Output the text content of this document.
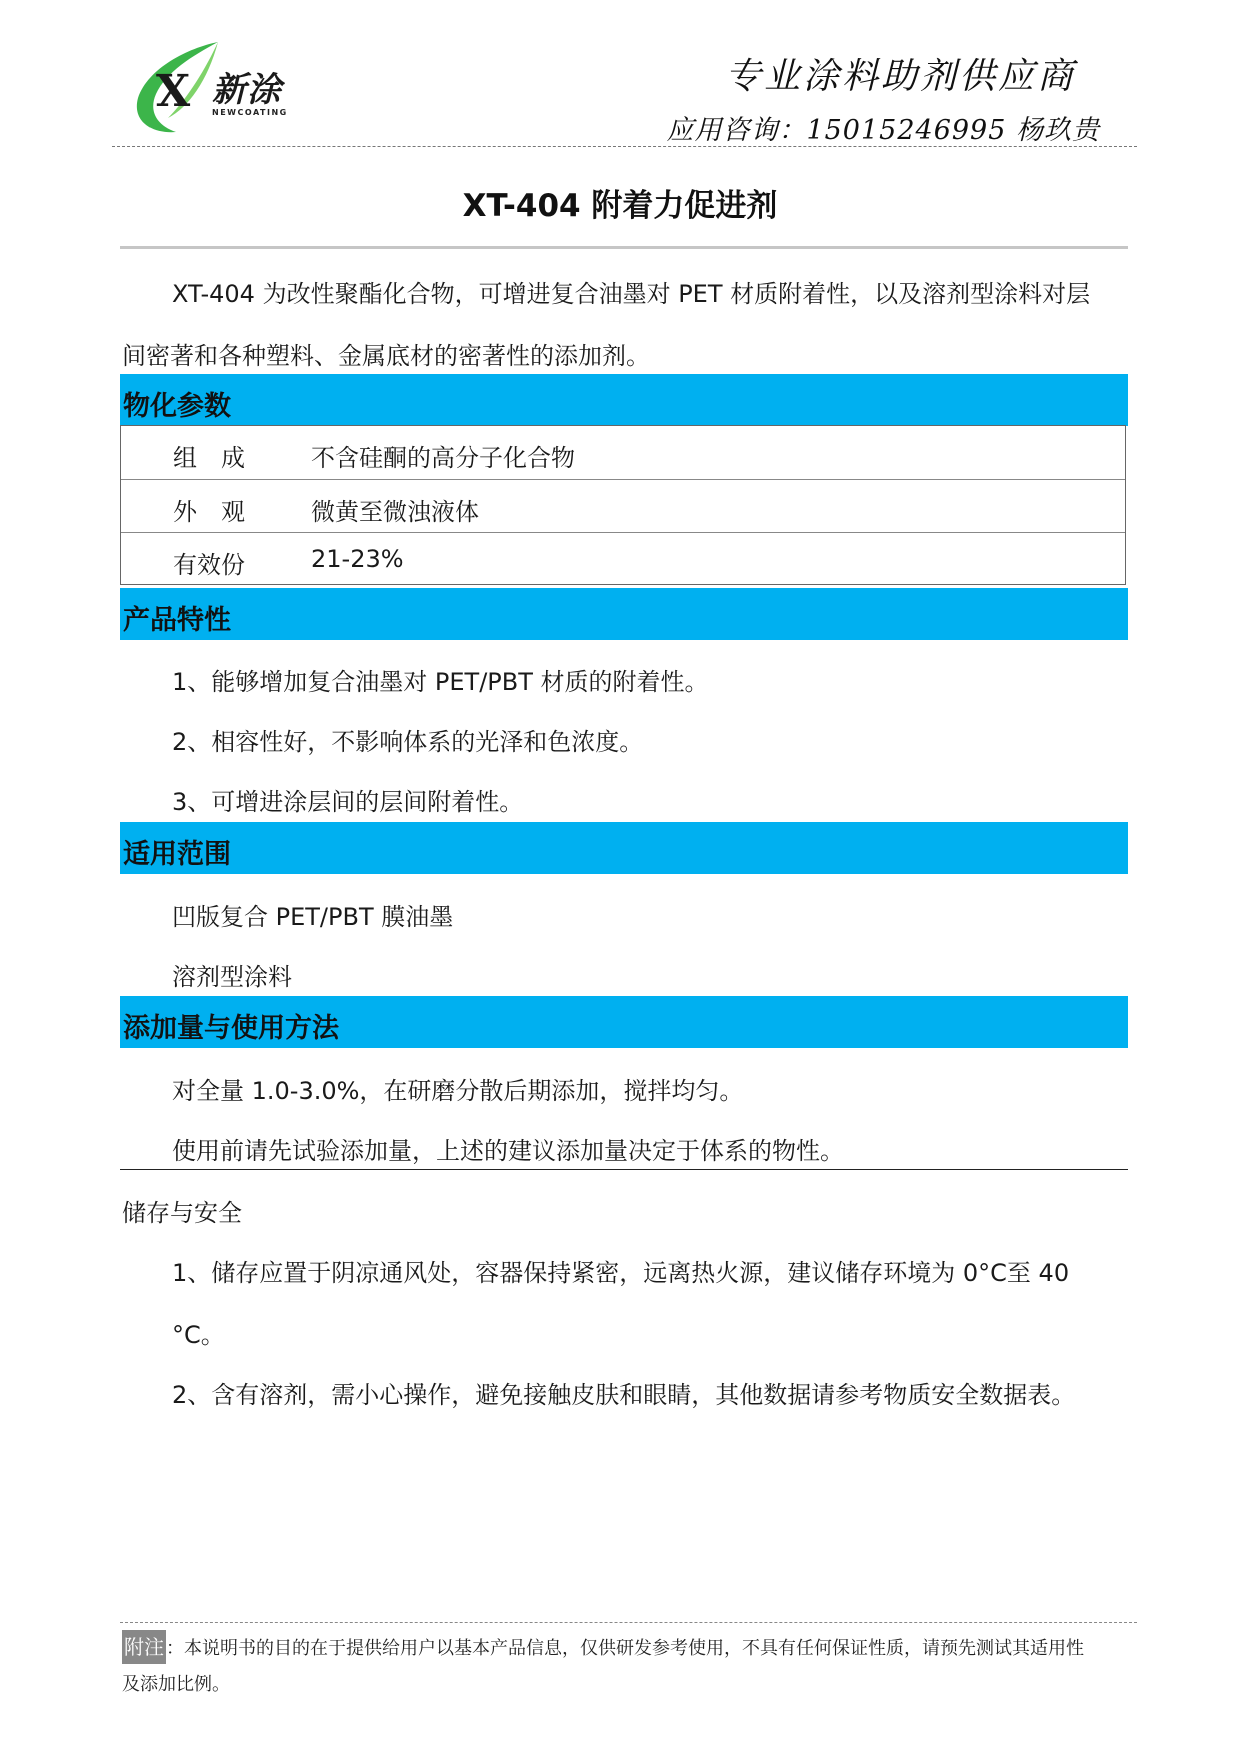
X 新涂
NEWCOATING
专业涂料助剂供应商
应用咨询：15015246995 杨玖贵
XT-404 附着力促进剂
XT-404 为改性聚酯化合物，可增进复合油墨对 PET 材质附着性，以及溶剂型涂料对层
间密著和各种塑料、金属底材的密著性的添加剂。
物化参数
组　成	不含硅酮的高分子化合物
外　观	微黄至微浊液体
有效份	21-23%
产品特性
1、能够增加复合油墨对 PET/PBT 材质的附着性。
2、相容性好，不影响体系的光泽和色浓度。
3、可增进涂层间的层间附着性。
适用范围
凹版复合 PET/PBT 膜油墨
溶剂型涂料
添加量与使用方法
对全量 1.0-3.0%，在研磨分散后期添加，搅拌均匀。
使用前请先试验添加量，上述的建议添加量决定于体系的物性。
储存与安全
1、储存应置于阴凉通风处，容器保持紧密，远离热火源，建议储存环境为 0°C至 40
°C。
2、含有溶剂，需小心操作，避免接触皮肤和眼睛，其他数据请参考物质安全数据表。
附注 ：本说明书的目的在于提供给用户以基本产品信息，仅供研发参考使用，不具有任何保证性质，请预先测试其适用性
及添加比例。
